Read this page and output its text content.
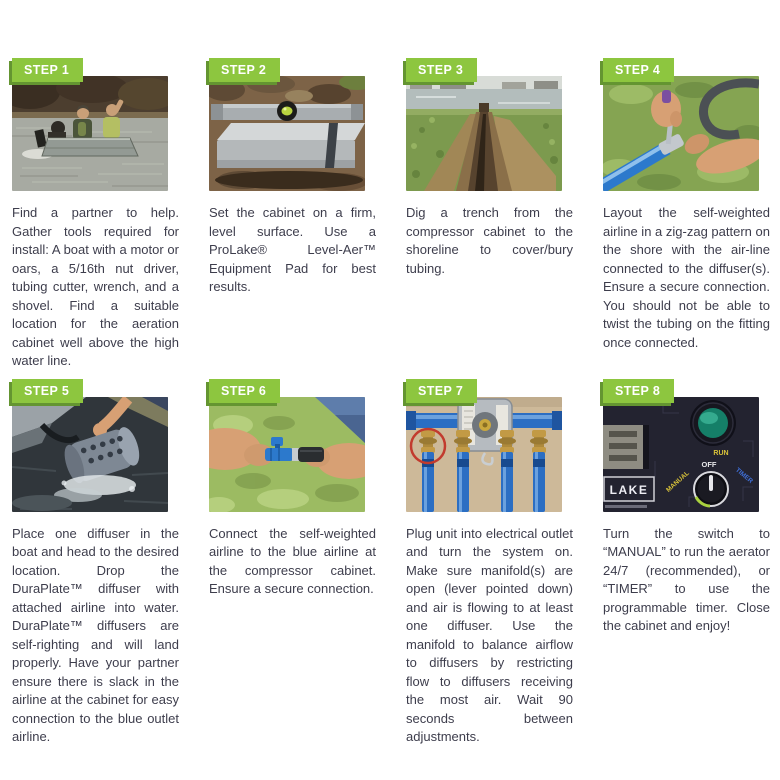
STEP 1

Find a partner to help. Gather tools required for install: A boat with a motor or oars, a 5/16th nut driver, tubing cutter, wrench, and a shovel. Find a suitable location for the aeration cabinet well above the high water line.

STEP 2

Set the cabinet on a firm, level surface. Use a ProLake® Level-Aer™ Equipment Pad for best results.

STEP 3

Dig a trench from the compressor cabinet to the shoreline to cover/bury tubing.

STEP 4

Layout the self-weighted airline in a zig-zag pattern on the shore with the air-line connected to the diffuser(s). Ensure a secure connection. You should not be able to twist the tubing on the fitting once connected.

STEP 5

Place one diffuser in the boat and head to the desired location. Drop the DuraPlate™ diffuser with attached airline into water. DuraPlate™ diffusers are self-righting and will land properly. Have your partner ensure there is slack in the airline at the cabinet for easy connection to the blue outlet airline.

STEP 6

Connect the self-weighted airline to the blue airline at the compressor cabinet. Ensure a secure connection.

STEP 7

Plug unit into electrical outlet and turn the system on. Make sure manifold(s) are open (lever pointed down) and air is flowing to at least one diffuser. Use the manifold to balance airflow to diffusers by restricting flow to diffusers receiving the most air. Wait 90 seconds between adjustments.

LAKE
RUN
OFF
MANUAL	TIMER
STEP 8

Turn the switch to “MANUAL” to run the aerator 24/7 (recommended), or “TIMER” to use the programmable timer. Close the cabinet and enjoy!
